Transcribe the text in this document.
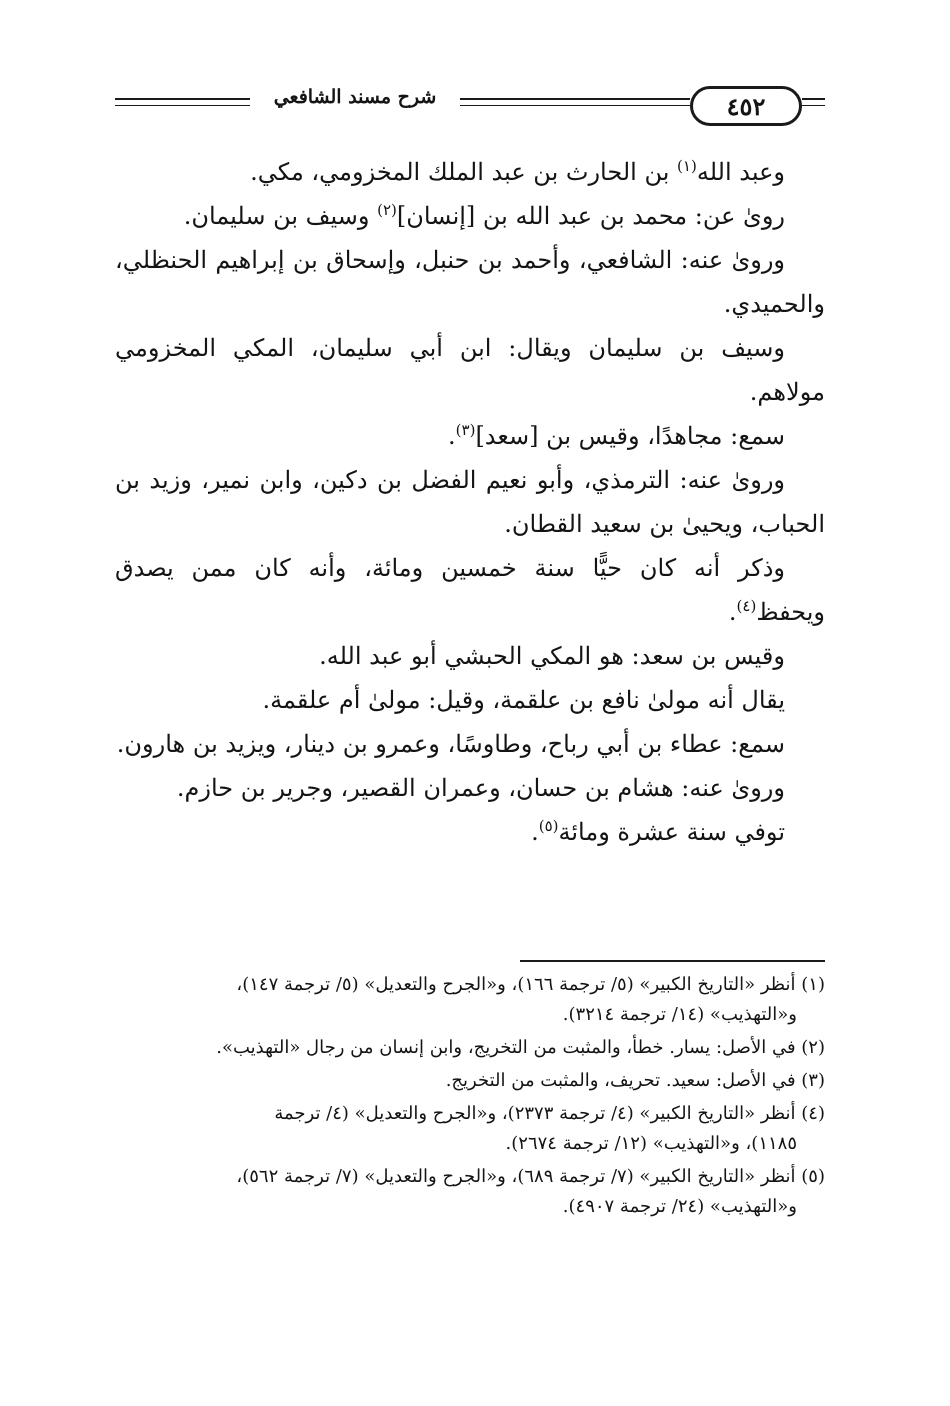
شرح مسند الشافعي	٤٥٢

وعبد الله$^{(١)}$ بن الحارث بن عبد الملك المخزومي، مكي.

رویٰ عن: محمد بن عبد الله بن [إنسان]$^{(٢)}$ وسيف بن سليمان.

وروىٰ عنه: الشافعي، وأحمد بن حنبل، وإسحاق بن إبراهيم الحنظلي، والحميدي.

وسيف بن سليمان ويقال: ابن أبي سليمان، المكي المخزومي مولاهم.

سمع: مجاهدًا، وقيس بن [سعد]$^{(٣)}$.

وروىٰ عنه: الترمذي، وأبو نعيم الفضل بن دكين، وابن نمير، وزيد بن الحباب، ويحيىٰ بن سعيد القطان.

وذكر أنه كان حيًّا سنة خمسين ومائة، وأنه كان ممن يصدق ويحفظ$^{(٤)}$.

وقيس بن سعد: هو المكي الحبشي أبو عبد الله.

يقال أنه مولىٰ نافع بن علقمة، وقيل: مولىٰ أم علقمة.

سمع: عطاء بن أبي رباح، وطاوسًا، وعمرو بن دينار، ويزيد بن هارون.

وروىٰ عنه: هشام بن حسان، وعمران القصير، وجرير بن حازم.

توفي سنة عشرة ومائة$^{(٥)}$.

(١) أنظر «التاريخ الكبير» (٥/ ترجمة ١٦٦)، و«الجرح والتعديل» (٥/ ترجمة ١٤٧)،
و«التهذيب» (١٤/ ترجمة ٣٢١٤).

(٢) في الأصل: يسار. خطأ، والمثبت من التخريج، وابن إنسان من رجال «التهذيب».

(٣) في الأصل: سعيد. تحريف، والمثبت من التخريج.

(٤) أنظر «التاريخ الكبير» (٤/ ترجمة ٢٣٧٣)، و«الجرح والتعديل» (٤/ ترجمة
١١٨٥)، و«التهذيب» (١٢/ ترجمة ٢٦٧٤).

(٥) أنظر «التاريخ الكبير» (٧/ ترجمة ٦٨٩)، و«الجرح والتعديل» (٧/ ترجمة ٥٦٢)،
و«التهذيب» (٢٤/ ترجمة ٤٩٠٧).
